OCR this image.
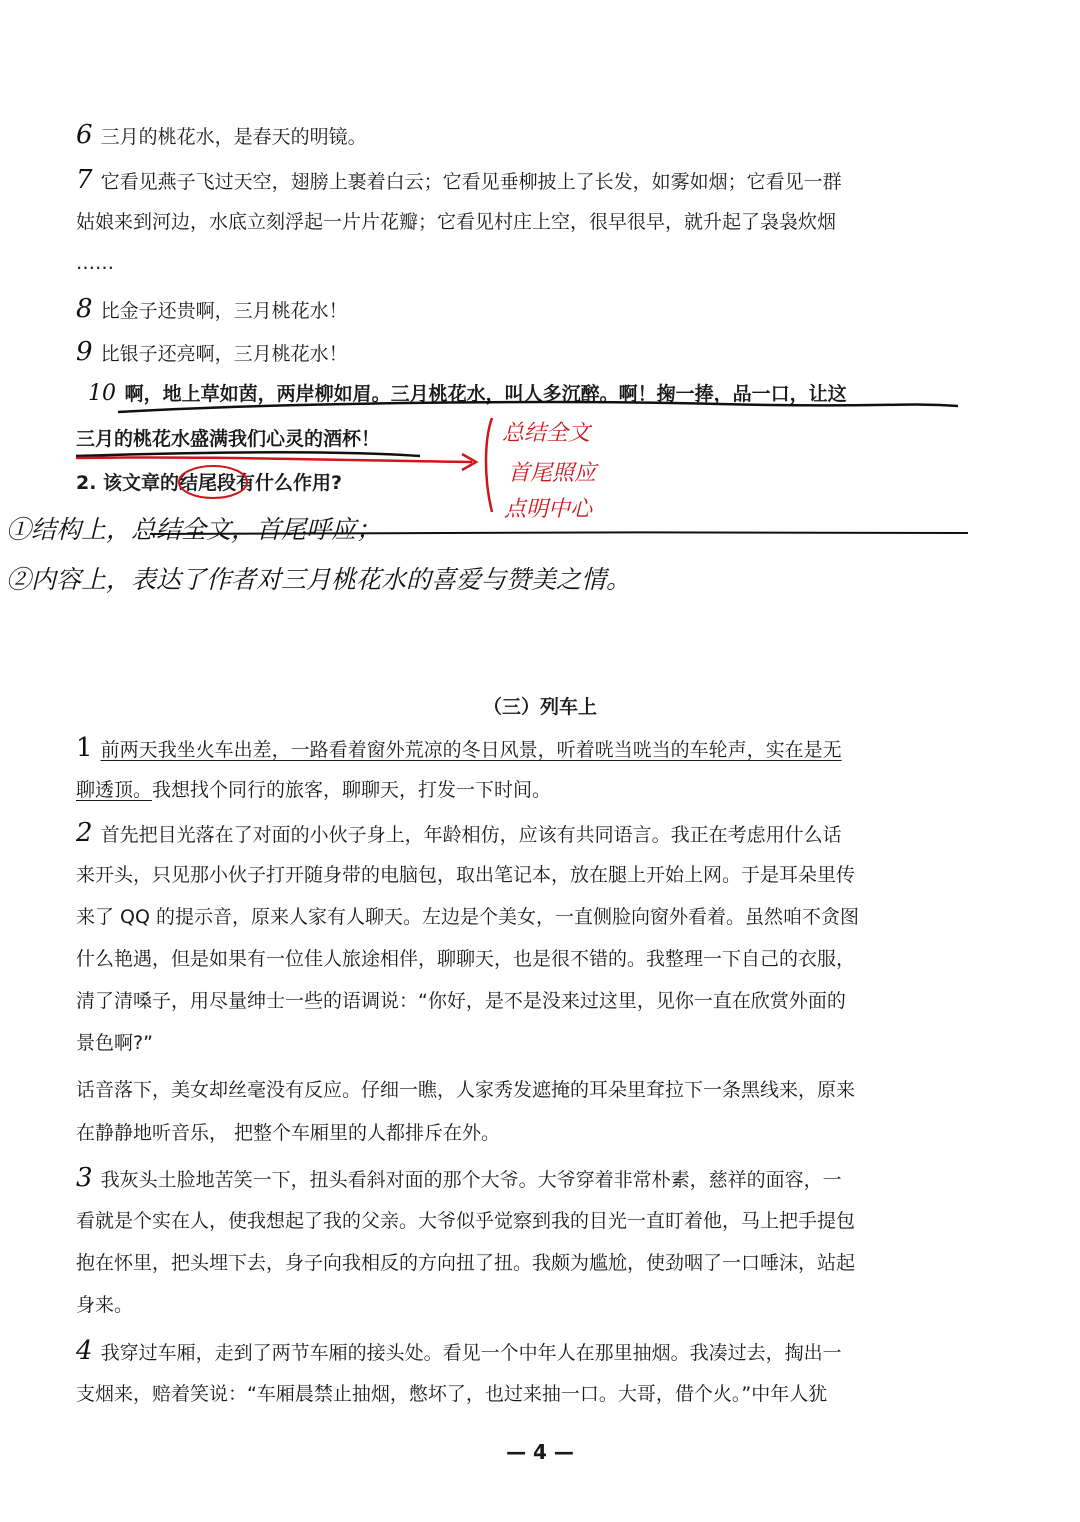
6 三月的桃花水，是春天的明镜。
7 它看见燕子飞过天空，翅膀上裹着白云；它看见垂柳披上了长发，如雾如烟；它看见一群
姑娘来到河边，水底立刻浮起一片片花瓣；它看见村庄上空，很早很早，就升起了袅袅炊烟
……
8 比金子还贵啊，三月桃花水！
9 比银子还亮啊，三月桃花水！
10 啊，地上草如茵，两岸柳如眉。三月桃花水，叫人多沉醉。啊！掬一捧，品一口，让这
三月的桃花水盛满我们心灵的酒杯！	总结全文
首尾照应
点明中心
2. 该文章的结尾段有什么作用?
①结构上，总结全文，首尾呼应；
②内容上，表达了作者对三月桃花水的喜爱与赞美之情。
（三）列车上
1 前两天我坐火车出差，一路看着窗外荒凉的冬日风景，听着咣当咣当的车轮声，实在是无
聊透顶。我想找个同行的旅客，聊聊天，打发一下时间。
2 首先把目光落在了对面的小伙子身上，年龄相仿，应该有共同语言。我正在考虑用什么话
来开头，只见那小伙子打开随身带的电脑包，取出笔记本，放在腿上开始上网。于是耳朵里传
来了 QQ 的提示音，原来人家有人聊天。左边是个美女，一直侧脸向窗外看着。虽然咱不贪图
什么艳遇，但是如果有一位佳人旅途相伴，聊聊天，也是很不错的。我整理一下自己的衣服，
清了清嗓子，用尽量绅士一些的语调说：“你好，是不是没来过这里，见你一直在欣赏外面的
景色啊?”
话音落下，美女却丝毫没有反应。仔细一瞧，人家秀发遮掩的耳朵里耷拉下一条黑线来，原来
在静静地听音乐， 把整个车厢里的人都排斥在外。
3 我灰头土脸地苦笑一下，扭头看斜对面的那个大爷。大爷穿着非常朴素，慈祥的面容，一
看就是个实在人，使我想起了我的父亲。大爷似乎觉察到我的目光一直盯着他，马上把手提包
抱在怀里，把头埋下去，身子向我相反的方向扭了扭。我颇为尴尬，使劲咽了一口唾沫，站起
身来。
4 我穿过车厢，走到了两节车厢的接头处。看见一个中年人在那里抽烟。我凑过去，掏出一
支烟来，赔着笑说：“车厢晨禁止抽烟，憋坏了，也过来抽一口。大哥，借个火。”中年人犹
— 4 —
